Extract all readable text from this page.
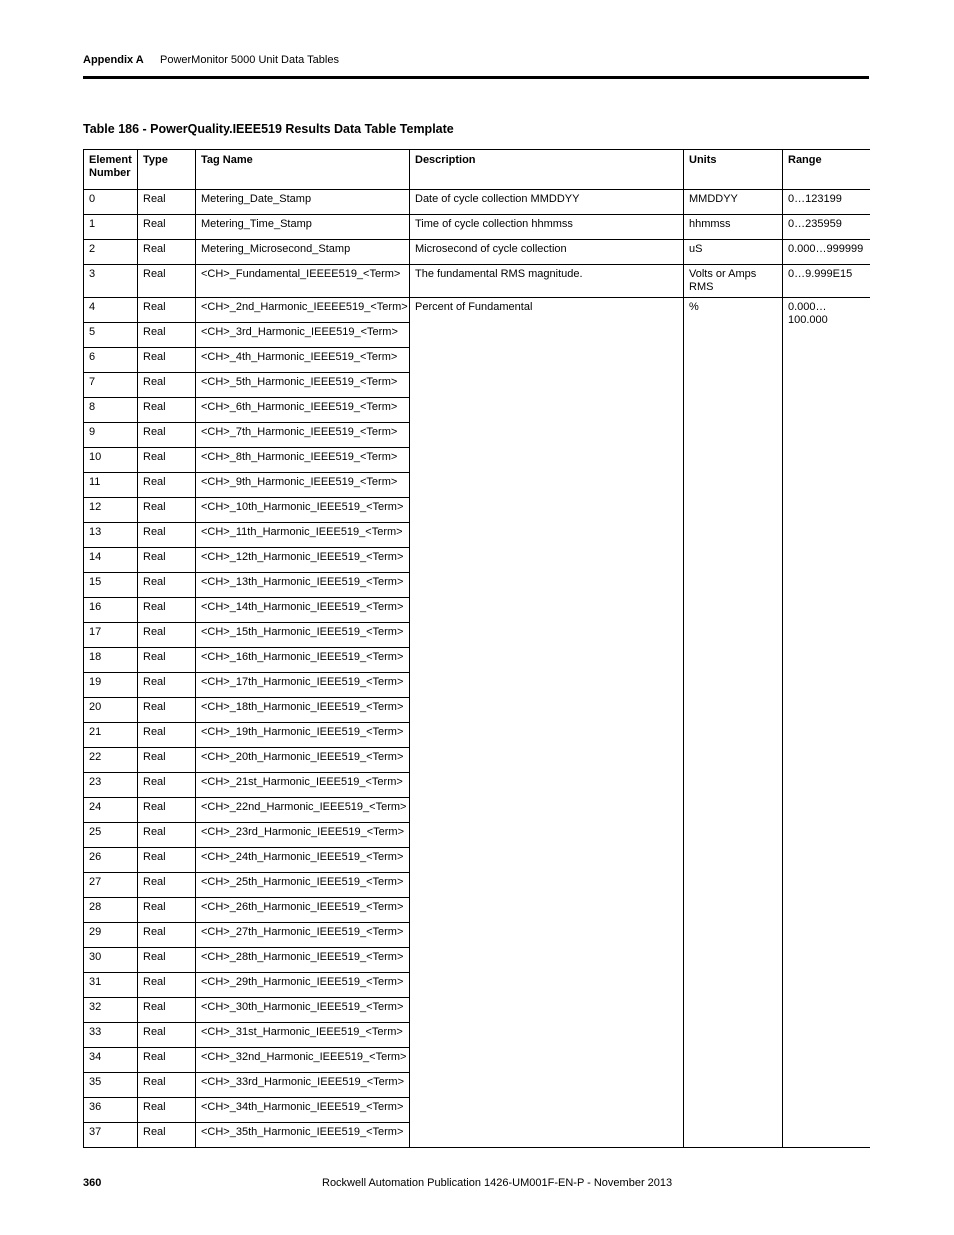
Appendix A PowerMonitor 5000 Unit Data Tables
Table 186 - PowerQuality.IEEE519 Results Data Table Template
Element Number	Type	Tag Name	Description	Units	Range
0	Real	Metering_Date_Stamp	Date of cycle collection MMDDYY	MMDDYY	0…123199
1	Real	Metering_Time_Stamp	Time of cycle collection hhmmss	hhmmss	0…235959
2	Real	Metering_Microsecond_Stamp	Microsecond of cycle collection	uS	0.000…999999
3	Real	<CH>_Fundamental_IEEEE519_<Term>	The fundamental RMS magnitude.	Volts or Amps RMS	0…9.999E15
4	Real	<CH>_2nd_Harmonic_IEEEE519_<Term>	Percent of Fundamental	%	0.000…100.000
5	Real	<CH>_3rd_Harmonic_IEEE519_<Term>			
6	Real	<CH>_4th_Harmonic_IEEE519_<Term>			
7	Real	<CH>_5th_Harmonic_IEEE519_<Term>			
8	Real	<CH>_6th_Harmonic_IEEE519_<Term>			
9	Real	<CH>_7th_Harmonic_IEEE519_<Term>			
10	Real	<CH>_8th_Harmonic_IEEE519_<Term>			
11	Real	<CH>_9th_Harmonic_IEEE519_<Term>			
12	Real	<CH>_10th_Harmonic_IEEE519_<Term>			
13	Real	<CH>_11th_Harmonic_IEEE519_<Term>			
14	Real	<CH>_12th_Harmonic_IEEE519_<Term>			
15	Real	<CH>_13th_Harmonic_IEEE519_<Term>			
16	Real	<CH>_14th_Harmonic_IEEE519_<Term>			
17	Real	<CH>_15th_Harmonic_IEEE519_<Term>			
18	Real	<CH>_16th_Harmonic_IEEE519_<Term>			
19	Real	<CH>_17th_Harmonic_IEEE519_<Term>			
20	Real	<CH>_18th_Harmonic_IEEE519_<Term>			
21	Real	<CH>_19th_Harmonic_IEEE519_<Term>			
22	Real	<CH>_20th_Harmonic_IEEE519_<Term>			
23	Real	<CH>_21st_Harmonic_IEEE519_<Term>			
24	Real	<CH>_22nd_Harmonic_IEEE519_<Term>			
25	Real	<CH>_23rd_Harmonic_IEEE519_<Term>			
26	Real	<CH>_24th_Harmonic_IEEE519_<Term>			
27	Real	<CH>_25th_Harmonic_IEEE519_<Term>			
28	Real	<CH>_26th_Harmonic_IEEE519_<Term>			
29	Real	<CH>_27th_Harmonic_IEEE519_<Term>			
30	Real	<CH>_28th_Harmonic_IEEE519_<Term>			
31	Real	<CH>_29th_Harmonic_IEEE519_<Term>			
32	Real	<CH>_30th_Harmonic_IEEE519_<Term>			
33	Real	<CH>_31st_Harmonic_IEEE519_<Term>			
34	Real	<CH>_32nd_Harmonic_IEEE519_<Term>			
35	Real	<CH>_33rd_Harmonic_IEEE519_<Term>			
36	Real	<CH>_34th_Harmonic_IEEE519_<Term>			
37	Real	<CH>_35th_Harmonic_IEEE519_<Term>			
360	Rockwell Automation Publication 1426-UM001F-EN-P - November 2013
